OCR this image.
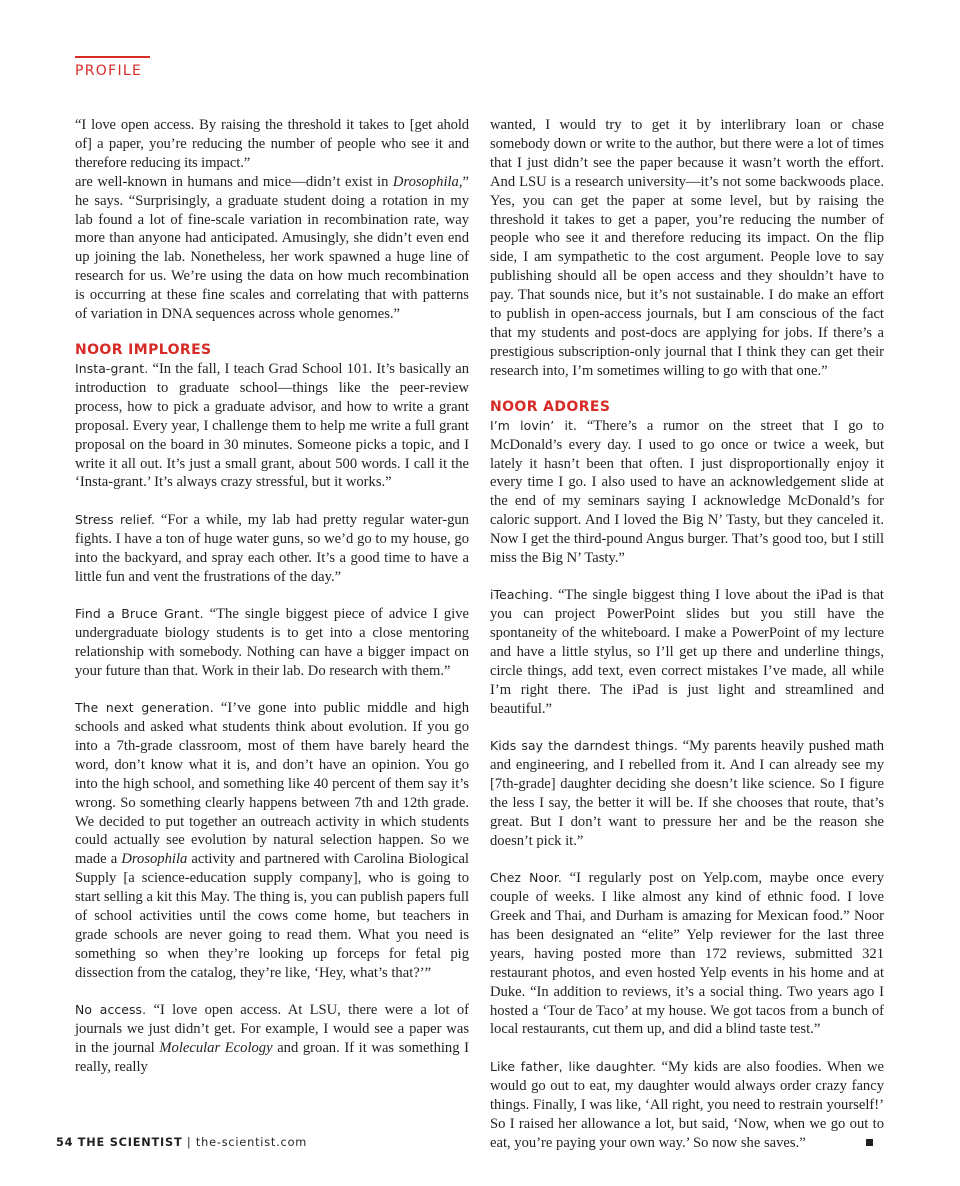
PROFILE

“I love open access. By raising the threshold it takes to [get ahold of] a paper, you’re reducing the number of people who see it and therefore reducing its impact.”

are well-known in humans and mice—didn’t exist in Drosophila,” he says. “Surprisingly, a graduate student doing a rotation in my lab found a lot of fine-scale variation in recombination rate, way more than anyone had anticipated. Amusingly, she didn’t even end up joining the lab. Nonetheless, her work spawned a huge line of research for us. We’re using the data on how much recombination is occurring at these fine scales and correlating that with patterns of variation in DNA sequences across whole genomes.”

NOOR IMPLORES

Insta-grant. “In the fall, I teach Grad School 101. It’s basically an introduction to graduate school—things like the peer-review process, how to pick a graduate advisor, and how to write a grant proposal. Every year, I challenge them to help me write a full grant proposal on the board in 30 minutes. Someone picks a topic, and I write it all out. It’s just a small grant, about 500 words. I call it the ‘Insta-grant.’ It’s always crazy stressful, but it works.”

Stress relief. “For a while, my lab had pretty regular water-gun fights. I have a ton of huge water guns, so we’d go to my house, go into the backyard, and spray each other. It’s a good time to have a little fun and vent the frustrations of the day.”

Find a Bruce Grant. “The single biggest piece of advice I give undergraduate biology students is to get into a close mentoring relationship with somebody. Nothing can have a bigger impact on your future than that. Work in their lab. Do research with them.”

The next generation. “I’ve gone into public middle and high schools and asked what students think about evolution. If you go into a 7th-grade classroom, most of them have barely heard the word, don’t know what it is, and don’t have an opinion. You go into the high school, and something like 40 percent of them say it’s wrong. So something clearly happens between 7th and 12th grade. We decided to put together an outreach activity in which students could actually see evolution by natural selection happen. So we made a Drosophila activity and partnered with Carolina Biological Supply [a science-education supply company], who is going to start selling a kit this May. The thing is, you can publish papers full of school activities until the cows come home, but teachers in grade schools are never going to read them. What you need is something so when they’re looking up forceps for fetal pig dissection from the catalog, they’re like, ‘Hey, what’s that?’”

No access. “I love open access. At LSU, there were a lot of journals we just didn’t get. For example, I would see a paper was in the journal Molecular Ecology and groan. If it was something I really, really

wanted, I would try to get it by interlibrary loan or chase somebody down or write to the author, but there were a lot of times that I just didn’t see the paper because it wasn’t worth the effort. And LSU is a research university—it’s not some backwoods place. Yes, you can get the paper at some level, but by raising the threshold it takes to get a paper, you’re reducing the number of people who see it and therefore reducing its impact. On the flip side, I am sympathetic to the cost argument. People love to say publishing should all be open access and they shouldn’t have to pay. That sounds nice, but it’s not sustainable. I do make an effort to publish in open-access journals, but I am conscious of the fact that my students and post-docs are applying for jobs. If there’s a prestigious subscription-only journal that I think they can get their research into, I’m sometimes willing to go with that one.”

NOOR ADORES

I’m lovin’ it. “There’s a rumor on the street that I go to McDonald’s every day. I used to go once or twice a week, but lately it hasn’t been that often. I just disproportionally enjoy it every time I go. I also used to have an acknowledgement slide at the end of my seminars saying I acknowledge McDonald’s for caloric support. And I loved the Big N’ Tasty, but they canceled it. Now I get the third-pound Angus burger. That’s good too, but I still miss the Big N’ Tasty.”

iTeaching. “The single biggest thing I love about the iPad is that you can project PowerPoint slides but you still have the spontaneity of the whiteboard. I make a PowerPoint of my lecture and have a little stylus, so I’ll get up there and underline things, circle things, add text, even correct mistakes I’ve made, all while I’m right there. The iPad is just light and streamlined and beautiful.”

Kids say the darndest things. “My parents heavily pushed math and engineering, and I rebelled from it. And I can already see my [7th-grade] daughter deciding she doesn’t like science. So I figure the less I say, the better it will be. If she chooses that route, that’s great. But I don’t want to pressure her and be the reason she doesn’t pick it.”

Chez Noor. “I regularly post on Yelp.com, maybe once every couple of weeks. I like almost any kind of ethnic food. I love Greek and Thai, and Durham is amazing for Mexican food.” Noor has been designated an “elite” Yelp reviewer for the last three years, having posted more than 172 reviews, submitted 321 restaurant photos, and even hosted Yelp events in his home and at Duke. “In addition to reviews, it’s a social thing. Two years ago I hosted a ‘Tour de Taco’ at my house. We got tacos from a bunch of local restaurants, cut them up, and did a blind taste test.”

Like father, like daughter. “My kids are also foodies. When we would go out to eat, my daughter would always order crazy fancy things. Finally, I was like, ‘All right, you need to restrain yourself!’ So I raised her allowance a lot, but said, ‘Now, when we go out to eat, you’re paying your own way.’ So now she saves.”

54 THE SCIENTIST | the-scientist.com
